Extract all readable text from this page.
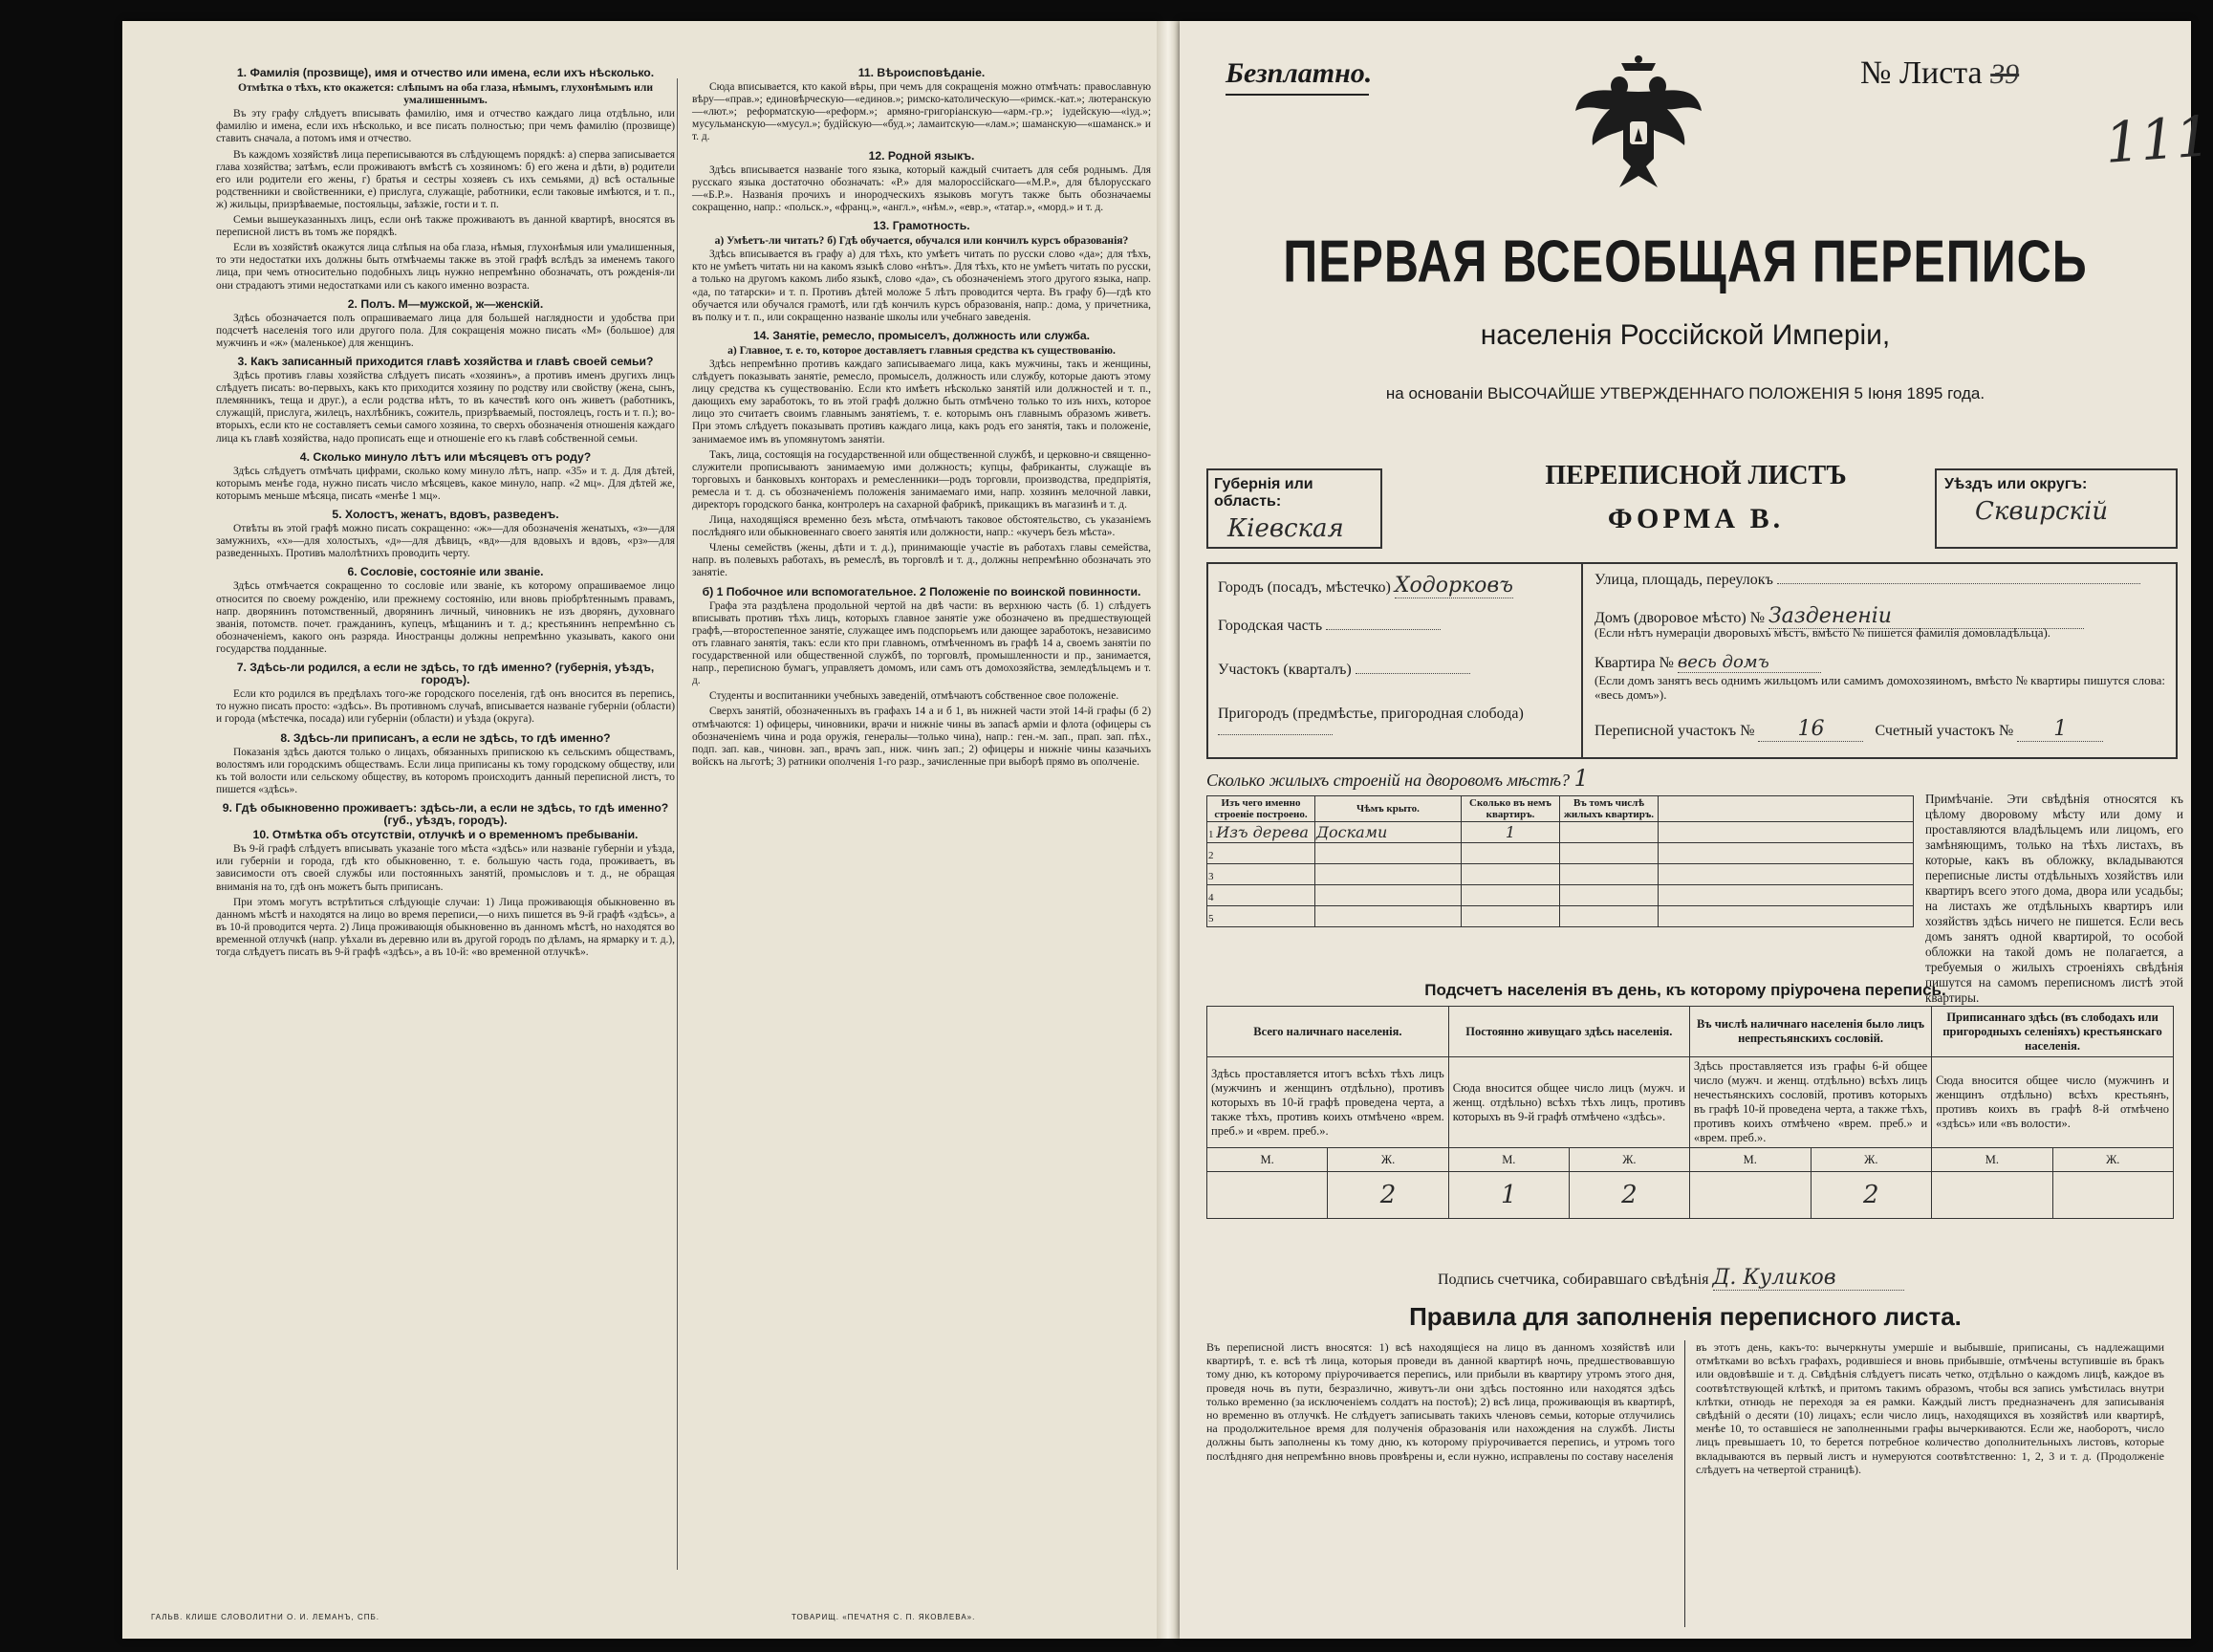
1. Фамилія (прозвище), имя и отчество или имена, если ихъ нѣсколько.
Отмѣтка о тѣхъ, кто окажется: слѣпымъ на оба глаза, нѣмымъ, глухонѣмымъ или умалишеннымъ.

Въ эту графу слѣдуетъ вписывать фамилію, имя и отчество каждаго лица отдѣльно, или фамилію и имена, если ихъ нѣсколько, и все писать полностью; при чемъ фамилію (прозвище) ставить сначала, а потомъ имя и отчество.

Въ каждомъ хозяйствѣ лица переписываются въ слѣдующемъ порядкѣ: а) сперва записывается глава хозяйства; затѣмъ, если проживаютъ вмѣстѣ съ хозяиномъ: б) его жена и дѣти, в) родители его или родители его жены, г) братья и сестры хозяевъ съ ихъ семьями, д) всѣ остальные родственники и свойственники, е) прислуга, служащіе, работники, если таковые имѣются, и т. п., ж) жильцы, призрѣваемые, постояльцы, заѣзжіе, гости и т. п.

Семьи вышеуказанныхъ лицъ, если онѣ также проживаютъ въ данной квартирѣ, вносятся въ переписной листъ въ томъ же порядкѣ.

Если въ хозяйствѣ окажутся лица слѣпыя на оба глаза, нѣмыя, глухонѣмыя или умалишенныя, то эти недостатки ихъ должны быть отмѣчаемы также въ этой графѣ вслѣдъ за именемъ такого лица, при чемъ относительно подобныхъ лицъ нужно непремѣнно обозначать, отъ рожденія-ли они страдаютъ этими недостатками или съ какого именно возраста.

2. Полъ. М—мужской, ж—женскій.

Здѣсь обозначается полъ опрашиваемаго лица для большей наглядности и удобства при подсчетѣ населенія того или другого пола. Для сокращенія можно писать «М» (большое) для мужчинъ и «ж» (маленькое) для женщинъ.

3. Какъ записанный приходится главѣ хозяйства и главѣ своей семьи?

Здѣсь противъ главы хозяйства слѣдуетъ писать «хозяинъ», а противъ именъ другихъ лицъ слѣдуетъ писать: во-первыхъ, какъ кто приходится хозяину по родству или свойству (жена, сынъ, племянникъ, теща и друг.), а если родства нѣтъ, то въ качествѣ кого онъ живетъ (работникъ, служащій, прислуга, жилецъ, нахлѣбникъ, сожитель, призрѣваемый, постоялецъ, гость и т. п.); во-вторыхъ, если кто не составляетъ семьи самого хозяина, то сверхъ обозначенія отношенія каждаго лица къ главѣ хозяйства, надо прописать еще и отношеніе его къ главѣ собственной семьи.

4. Сколько минуло лѣтъ или мѣсяцевъ отъ роду?

Здѣсь слѣдуетъ отмѣчать цифрами, сколько кому минуло лѣтъ, напр. «35» и т. д. Для дѣтей, которымъ менѣе года, нужно писать число мѣсяцевъ, какое минуло, напр. «2 мц». Для дѣтей же, которымъ меньше мѣсяца, писать «менѣе 1 мц».

5. Холостъ, женатъ, вдовъ, разведенъ.

Отвѣты въ этой графѣ можно писать сокращенно: «ж»—для обозначенія женатыхъ, «з»—для замужнихъ, «х»—для холостыхъ, «д»—для дѣвицъ, «вд»—для вдовыхъ и вдовъ, «рз»—для разведенныхъ. Противъ малолѣтнихъ проводить черту.

6. Сословіе, состояніе или званіе.

Здѣсь отмѣчается сокращенно то сословіе или званіе, къ которому опрашиваемое лицо относится по своему рожденію, или прежнему состоянію, или вновь пріобрѣтеннымъ правамъ, напр. дворянинъ потомственный, дворянинъ личный, чиновникъ не изъ дворянъ, духовнаго званія, потомств. почет. гражданинъ, купецъ, мѣщанинъ и т. д.; крестьянинъ непремѣнно съ обозначеніемъ, какого онъ разряда. Иностранцы должны непремѣнно указывать, какого они государства подданные.

7. Здѣсь-ли родился, а если не здѣсь, то гдѣ именно? (губернія, уѣздъ, городъ).

Если кто родился въ предѣлахъ того-же городского поселенія, гдѣ онъ вносится въ перепись, то нужно писать просто: «здѣсь». Въ противномъ случаѣ, вписывается названіе губерніи (области) и города (мѣстечка, посада) или губерніи (области) и уѣзда (округа).

8. Здѣсь-ли приписанъ, а если не здѣсь, то гдѣ именно?

Показанія здѣсь даются только о лицахъ, обязанныхъ припискою къ сельскимъ обществамъ, волостямъ или городскимъ обществамъ. Если лица приписаны къ тому городскому обществу, или къ той волости или сельскому обществу, въ которомъ происходитъ данный переписной листъ, то пишется «здѣсь».

9. Гдѣ обыкновенно проживаетъ: здѣсь-ли, а если не здѣсь, то гдѣ именно? (губ., уѣздъ, городъ).
10. Отмѣтка объ отсутствіи, отлучкѣ и о временномъ пребываніи.

Въ 9-й графѣ слѣдуетъ вписывать указаніе того мѣста «здѣсь» или названіе губерніи и уѣзда, или губерніи и города, гдѣ кто обыкновенно, т. е. большую часть года, проживаетъ, въ зависимости отъ своей службы или постоянныхъ занятій, промысловъ и т. д., не обращая вниманія на то, гдѣ онъ можетъ быть приписанъ.

При этомъ могутъ встрѣтиться слѣдующіе случаи: 1) Лица проживающія обыкновенно въ данномъ мѣстѣ и находятся на лицо во время переписи,—о нихъ пишется въ 9-й графѣ «здѣсь», а въ 10-й проводится черта. 2) Лица проживающія обыкновенно въ данномъ мѣстѣ, но находятся во временной отлучкѣ (напр. уѣхали въ деревню или въ другой городъ по дѣламъ, на ярмарку и т. д.), тогда слѣдуетъ писать въ 9-й графѣ «здѣсь», а въ 10-й: «во временной отлучкѣ».

11. Вѣроисповѣданіе.

Сюда вписывается, кто какой вѣры, при чемъ для сокращенія можно отмѣчать: православную вѣру—«прав.»; единовѣрческую—«единов.»; римско-католическую—«римск.-кат.»; лютеранскую—«лют.»; реформатскую—«реформ.»; армяно-григоріанскую—«арм.-гр.»; іудейскую—«іуд.»; мусульманскую—«мусул.»; будійскую—«буд.»; ламаитскую—«лам.»; шаманскую—«шаманск.» и т. д.

12. Родной языкъ.

Здѣсь вписывается названіе того языка, который каждый считаетъ для себя роднымъ. Для русскаго языка достаточно обозначать: «Р.» для малороссійскаго—«М.Р.», для бѣлорусскаго—«Б.Р.». Названія прочихъ и инородческихъ языковъ могутъ также быть обозначаемы сокращенно, напр.: «польск.», «франц.», «англ.», «нѣм.», «евр.», «татар.», «морд.» и т. д.

13. Грамотность.
а) Умѣетъ-ли читать? б) Гдѣ обучается, обучался или кончилъ курсъ образованія?

Здѣсь вписывается въ графу а) для тѣхъ, кто умѣетъ читать по русски слово «да»; для тѣхъ, кто не умѣетъ читать ни на какомъ языкѣ слово «нѣтъ». Для тѣхъ, кто не умѣетъ читать по русски, а только на другомъ какомъ либо языкѣ, слово «да», съ обозначеніемъ этого другого языка, напр. «да, по татарски» и т. п. Противъ дѣтей моложе 5 лѣтъ проводится черта. Въ графу б)—гдѣ кто обучается или обучался грамотѣ, или гдѣ кончилъ курсъ образованія, напр.: дома, у причетника, въ полку и т. п., или сокращенно названіе школы или учебнаго заведенія.

14. Занятіе, ремесло, промыселъ, должность или служба.
а) Главное, т. е. то, которое доставляетъ главныя средства къ существованію.

Здѣсь непремѣнно противъ каждаго записываемаго лица, какъ мужчины, такъ и женщины, слѣдуетъ показывать занятіе, ремесло, промыселъ, должность или службу, которые даютъ этому лицу средства къ существованію. Если кто имѣетъ нѣсколько занятій или должностей и т. п., дающихъ ему заработокъ, то въ этой графѣ должно быть отмѣчено только то изъ нихъ, которое лицо это считаетъ своимъ главнымъ занятіемъ, т. е. которымъ онъ главнымъ образомъ живетъ. При этомъ слѣдуетъ показывать противъ каждаго лица, какъ родъ его занятія, такъ и положеніе, занимаемое имъ въ упомянутомъ занятіи.

Такъ, лица, состоящія на государственной или общественной службѣ, и церковно-и священно-служители прописываютъ занимаемую ими должность; купцы, фабриканты, служащіе въ торговыхъ и банковыхъ конторахъ и ремесленники—родъ торговли, производства, предпріятія, ремесла и т. д. съ обозначеніемъ положенія занимаемаго ими, напр. хозяинъ мелочной лавки, директоръ городского банка, контролеръ на сахарной фабрикѣ, прикащикъ въ магазинѣ и т. д.

Лица, находящіяся временно безъ мѣста, отмѣчаютъ таковое обстоятельство, съ указаніемъ послѣдняго или обыкновеннаго своего занятія или должности, напр.: «кучеръ безъ мѣста».

Члены семействъ (жены, дѣти и т. д.), принимающіе участіе въ работахъ главы семейства, напр. въ полевыхъ работахъ, въ ремеслѣ, въ торговлѣ и т. д., должны непремѣнно обозначать это занятіе.

б) 1 Побочное или вспомогательное. 2 Положеніе по воинской повинности.

Графа эта раздѣлена продольной чертой на двѣ части: въ верхнюю часть (б. 1) слѣдуетъ вписывать противъ тѣхъ лицъ, которыхъ главное занятіе уже обозначено въ предшествующей графѣ,—второстепенное занятіе, служащее имъ подспорьемъ или дающее заработокъ, независимо отъ главнаго занятія, такъ: если кто при главномъ, отмѣченномъ въ графѣ 14 а, своемъ занятіи по государственной или общественной службѣ, по торговлѣ, промышленности и пр., занимается, напр., переписною бумагъ, управляетъ домомъ, или самъ отъ домохозяйства, земледѣльцемъ и т. д.

Студенты и воспитанники учебныхъ заведеній, отмѣчаютъ собственное свое положеніе.

Сверхъ занятій, обозначенныхъ въ графахъ 14 а и б 1, въ нижней части этой 14-й графы (б 2) отмѣчаются: 1) офицеры, чиновники, врачи и нижніе чины въ запасѣ арміи и флота (офицеры съ обозначеніемъ чина и рода оружія, генералы—только чина), напр.: ген.-м. зап., прап. зап. пѣх., подп. зап. кав., чиновн. зап., врачъ зап., ниж. чинъ зап.; 2) офицеры и нижніе чины казачьихъ войскъ на льготѣ; 3) ратники ополченія 1-го разр., зачисленные при выборѣ прямо въ ополченіе.

ГАЛЬВ. КЛИШЕ СЛОВОЛИТНИ О. И. ЛЕМАНЪ, СПБ.	ТОВАРИЩ. «ПЕЧАТНЯ С. П. ЯКОВЛЕВА».
Безплатно.	№ Листа 39
111
ПЕРВАЯ ВСЕОБЩАЯ ПЕРЕПИСЬ
населенія Россійской Имперіи,
на основаніи ВЫСОЧАЙШЕ УТВЕРЖДЕННАГО ПОЛОЖЕНІЯ 5 Іюня 1895 года.
Губернія или область:
Кіевская
ПЕРЕПИСНОЙ ЛИСТЪ
ФОРМА В.
Уѣздъ или округъ:
Сквирскій
Городъ (посадъ, мѣстечко) Ходорковъ
Городская часть
Участокъ (кварталъ)
Пригородъ (предмѣстье, пригородная слобода)
Улица, площадь, переулокъ
Домъ (дворовое мѣсто) № Заздененіи
(Если нѣтъ нумераціи дворовыхъ мѣстъ, вмѣсто № пишется фамилія домовладѣльца).
Квартира № весь домъ
(Если домъ занятъ весь однимъ жильцомъ или самимъ домохозяиномъ, вмѣсто № квартиры пишутся слова: «весь домъ»).
Переписной участокъ № 16	Счетный участокъ № 1
Сколько жилыхъ строеній на дворовомъ мѣстѣ? 1
Изъ чего именно строеніе построено.	Чѣмъ крыто.	Сколько въ немъ квартиръ.	Въ томъ числѣ жилыхъ квартиръ.	
1 Изъ дерева	Досками	1		
2				
3				
4				
5				
Примѣчаніе. Эти свѣдѣнія относятся къ цѣлому дворовому мѣсту или дому и проставляются владѣльцемъ или лицомъ, его замѣняющимъ, только на тѣхъ листахъ, въ которые, какъ въ обложку, вкладываются переписные листы отдѣльныхъ хозяйствъ или квартиръ всего этого дома, дворa или усадьбы; на листахъ же отдѣльныхъ квартиръ или хозяйствъ здѣсь ничего не пишется. Если весь домъ занятъ одной квартирой, то особой обложки на такой домъ не полагается, а требуемыя о жилыхъ строеніяхъ свѣдѣнія пишутся на самомъ переписномъ листѣ этой квартиры.
Подсчетъ населенія въ день, къ которому пріурочена перепись.
Всего наличнаго населенія.		Постоянно живущаго здѣсь населенія.		Въ числѣ наличнаго населенія было лицъ непрестьянскихъ сословій.		Приписаннаго здѣсь (въ слободахъ или пригородныхъ селеніяхъ) крестьянскаго населенія.	
Здѣсь проставляется итогъ всѣхъ тѣхъ лицъ (мужчинъ и женщинъ отдѣльно), противъ которыхъ въ 10-й графѣ проведена черта, а также тѣхъ, противъ коихъ отмѣчено «врем. преб.» и «врем. преб.».		Сюда вносится общее число лицъ (мужч. и женщ. отдѣльно) всѣхъ тѣхъ лицъ, противъ которыхъ въ 9-й графѣ отмѣчено «здѣсь».		Здѣсь проставляется изъ графы 6-й общее число (мужч. и женщ. отдѣльно) всѣхъ лицъ нечестьянскихъ сословій, противъ которыхъ въ графѣ 10-й проведена черта, а также тѣхъ, противъ коихъ отмѣчено «врем. преб.» и «врем. преб.».		Сюда вносится общее число (мужчинъ и женщинъ отдѣльно) всѣхъ крестьянъ, противъ коихъ въ графѣ 8-й отмѣчено «здѣсь» или «въ волости».	
М.	Ж.	М.	Ж.	М.	Ж.	М.	Ж.
	2	1	2		2		
Подпись счетчика, собиравшаго свѣдѣнія Д. Куликов
Правила для заполненія переписного листа.
Въ переписной листъ вносятся: 1) всѣ находящіеся на лицо въ данномъ хозяйствѣ или квартирѣ, т. е. всѣ тѣ лица, которыя проведи въ данной квартирѣ ночь, предшествовавшую тому дню, къ которому пріурочивается перепись, или прибыли въ квартиру утромъ этого дня, проведя ночь въ пути, безразлично, живутъ-ли они здѣсь постоянно или находятся здѣсь только временно (за исключеніемъ солдатъ на постоѣ); 2) всѣ лица, проживающія въ квартирѣ, но временно въ отлучкѣ. Не слѣдуетъ записывать такихъ членовъ семьи, которые отлучились на продолжительное время для полученія образованія или нахождения на службѣ. Листы должны быть заполнены къ тому дню, къ которому пріурочивается перепись, и утромъ того послѣдняго дня непремѣнно вновь провѣрены и, если нужно, исправлены по составу населенія
въ этотъ день, какъ-то: вычеркнуты умершіе и выбывшіе, приписаны, съ надлежащими отмѣтками во всѣхъ графахъ, родившіеся и вновь прибывшіе, отмѣчены вступившіе въ бракъ или овдовѣвшіе и т. д. Свѣдѣнія слѣдуетъ писать четко, отдѣльно о каждомъ лицѣ, каждое въ соотвѣтствующей клѣткѣ, и притомъ такимъ образомъ, чтобы вся запись умѣстилась внутри клѣтки, отнюдь не переходя за ея рамки. Каждый листъ предназначенъ для записыванія свѣдѣній о десяти (10) лицахъ; если число лицъ, находящихся въ хозяйствѣ или квартирѣ, менѣе 10, то оставшіеся не заполненными графы вычеркиваются. Если же, наоборотъ, число лицъ превышаетъ 10, то берется потребное количество дополнительныхъ листовъ, которые вкладываются въ первый листъ и нумеруются соотвѣтственно: 1, 2, 3 и т. д. (Продолженіе слѣдуетъ на четвертой страницѣ).
